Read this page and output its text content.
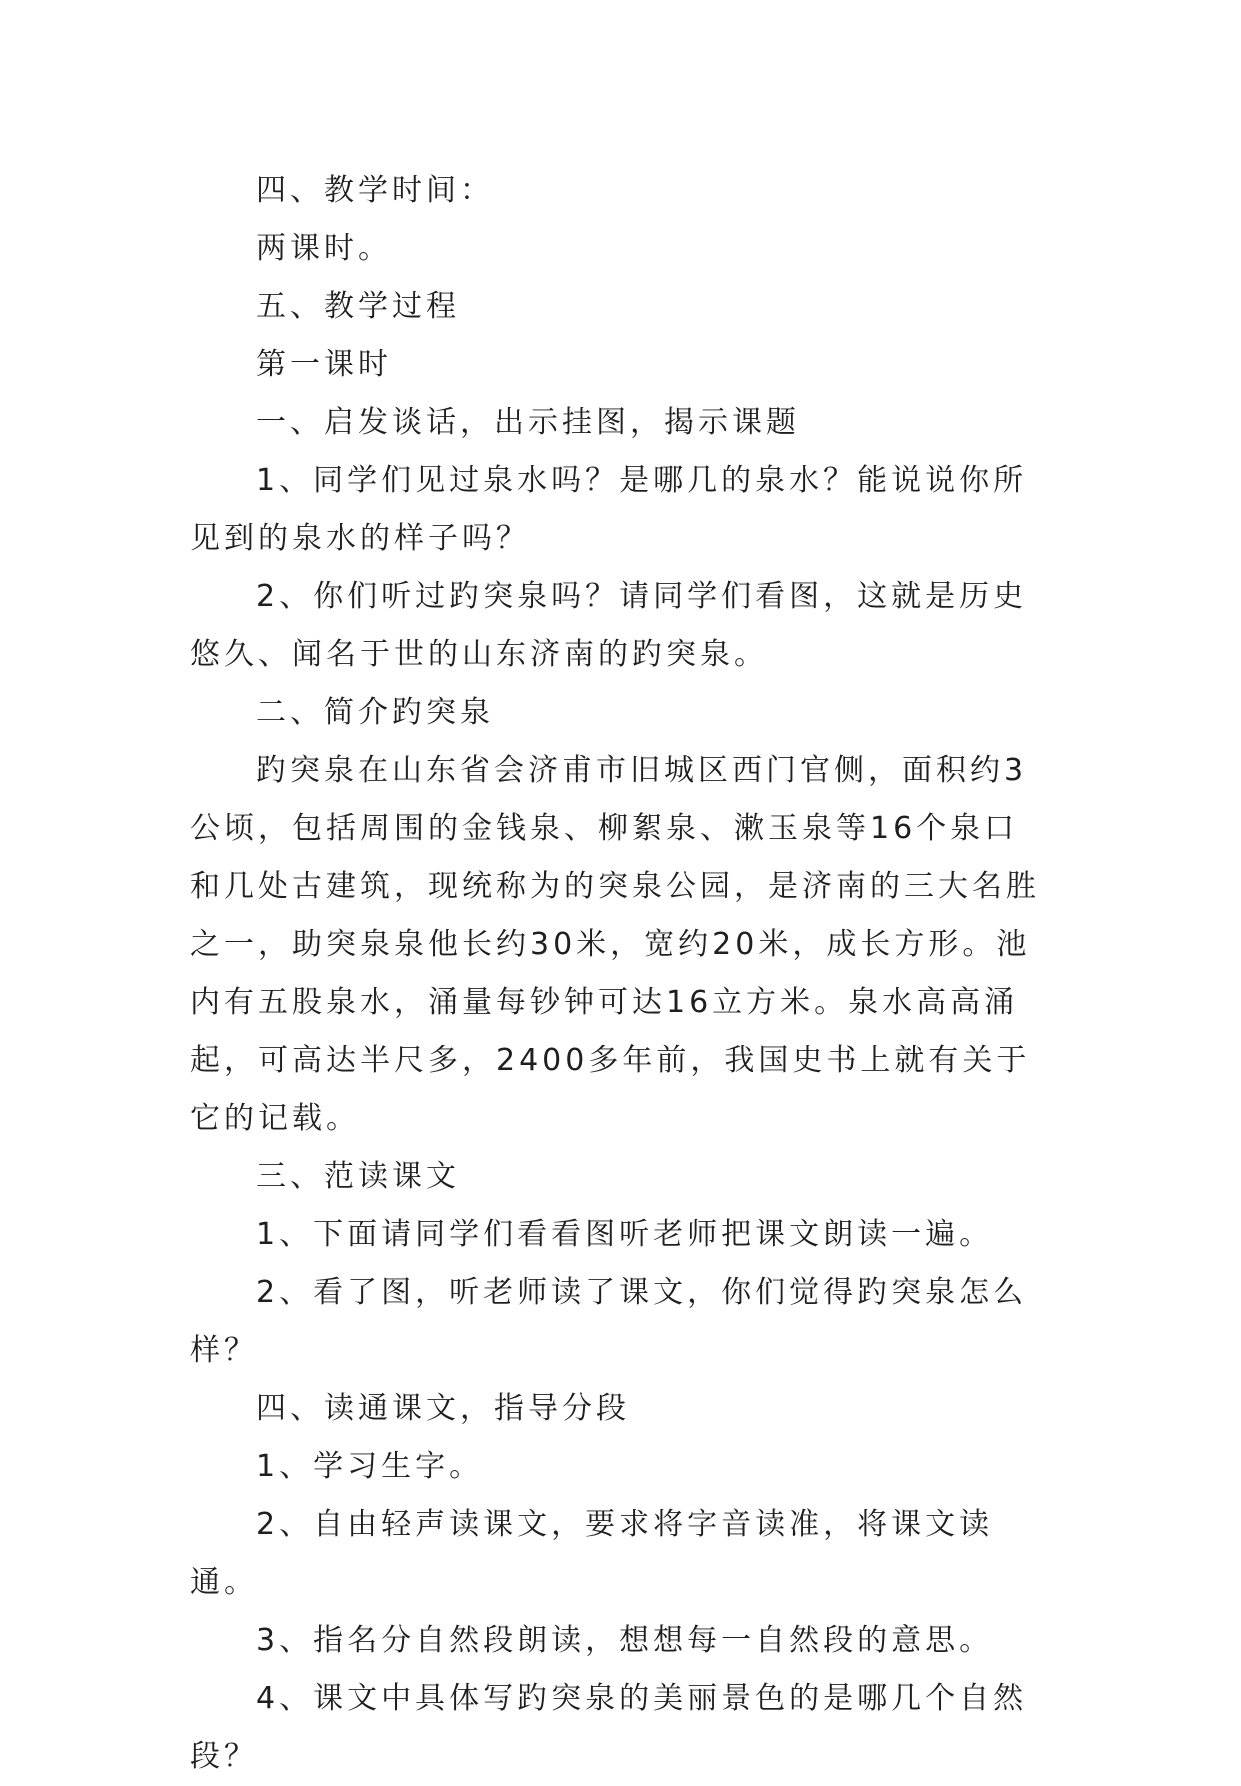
四、教学时间：

两课时。

五、教学过程

第一课时

一、启发谈话，出示挂图，揭示课题

1、同学们见过泉水吗？是哪几的泉水？能说说你所见到的泉水的样子吗？

2、你们听过趵突泉吗？请同学们看图，这就是历史悠久、闻名于世的山东济南的趵突泉。

二、简介趵突泉

趵突泉在山东省会济甫市旧城区西门官侧，面积约3公顷，包括周围的金钱泉、柳絮泉、漱玉泉等16个泉口和几处古建筑，现统称为的突泉公园，是济南的三大名胜之一，助突泉泉他长约30米，宽约20米，成长方形。池内有五股泉水，涌量每钞钟可达16立方米。泉水高高涌起，可高达半尺多，2400多年前，我国史书上就有关于它的记载。

三、范读课文

1、下面请同学们看看图听老师把课文朗读一遍。

2、看了图，听老师读了课文，你们觉得趵突泉怎么样？

四、读通课文，指导分段

1、学习生字。

2、自由轻声读课文，要求将字音读准，将课文读通。

3、指名分自然段朗读，想想每一自然段的意思。

4、课文中具体写趵突泉的美丽景色的是哪几个自然段？
